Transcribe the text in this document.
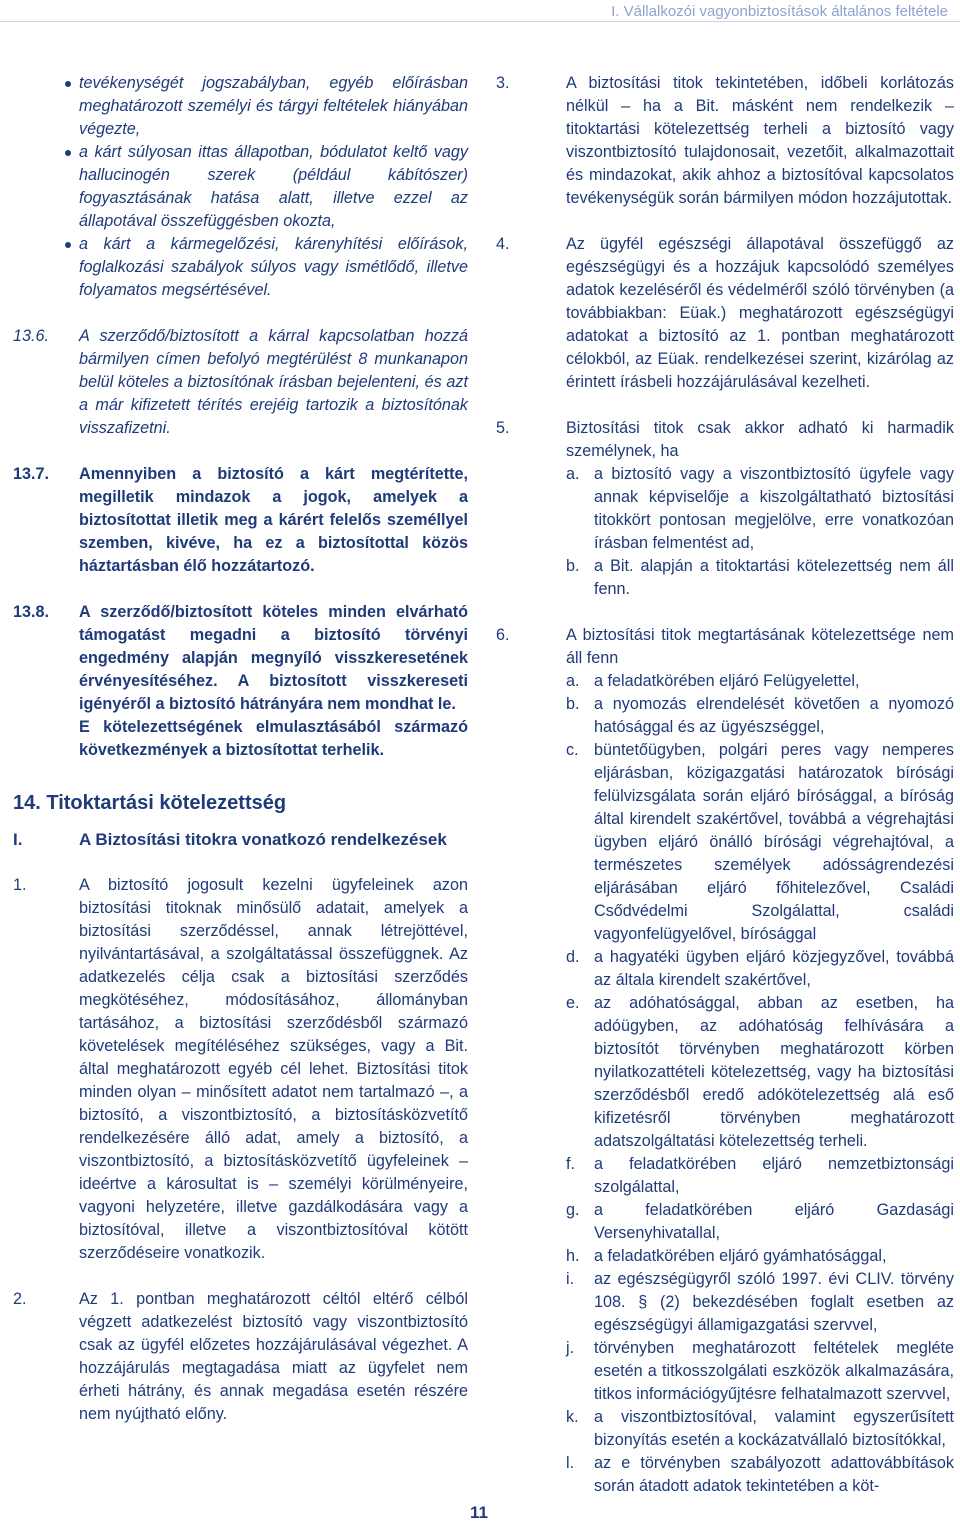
I. Vállalkozói vagyonbiztosítások általános feltétele
tevékenységét jogszabályban, egyéb előírásban meghatározott személyi és tárgyi feltételek hiányában végezte,
a kárt súlyosan ittas állapotban, bódulatot keltő vagy hallucinogén szerek (például kábítószer) fogyasztásának hatása alatt, illetve ezzel az állapotával összefüggésben okozta,
a kárt a kármegelőzési, kárenyhítési előírások, foglalkozási szabályok súlyos vagy ismétlődő, illetve folyamatos megsértésével.
13.6. A szerződő/biztosított a kárral kapcsolatban hozzá bármilyen címen befolyó megtérülést 8 munkanapon belül köteles a biztosítónak írásban bejelenteni, és azt a már kifizetett térítés erejéig tartozik a biztosítónak visszafizetni.
13.7. Amennyiben a biztosító a kárt megtérítette, megilletik mindazok a jogok, amelyek a biztosítottat illetik meg a kárért felelős személlyel szemben, kivéve, ha ez a biztosítottal közös háztartásban élő hozzátartozó.
13.8. A szerződő/biztosított köteles minden elvárható támogatást megadni a biztosító törvényi engedmény alapján megnyíló visszkeresetének érvényesítéséhez. A biztosított visszkereseti igényéről a biztosító hátrányára nem mondhat le.
E kötelezettségének elmulasztásából származó következmények a biztosítottat terhelik.
14. Titoktartási kötelezettség
I.	A Biztosítási titokra vonatkozó rendelkezések
1.	A biztosító jogosult kezelni ügyfeleinek azon biztosítási titoknak minősülő adatait, amelyek a biztosítási szerződéssel, annak létrejöttével, nyilvántartásával, a szolgáltatással összefüggnek. Az adatkezelés célja csak a biztosítási szerződés megkötéséhez, módosításához, állományban tartásához, a biztosítási szerződésből származó követelések megítéléséhez szükséges, vagy a Bit. által meghatározott egyéb cél lehet. Biztosítási titok minden olyan – minősített adatot nem tartalmazó –, a biztosító, a viszontbiztosító, a biztosításközvetítő rendelkezésére álló adat, amely a biztosító, a viszontbiztosító, a biztosításközvetítő ügyfeleinek – ideértve a károsultat is – személyi körülményeire, vagyoni helyzetére, illetve gazdálkodására vagy a biztosítóval, illetve a viszontbiztosítóval kötött szerződéseire vonatkozik.
2.	Az 1. pontban meghatározott céltól eltérő célból végzett adatkezelést biztosító vagy viszontbiztosító csak az ügyfél előzetes hozzájárulásával végezhet. A hozzájárulás megtagadása miatt az ügyfelet nem érheti hátrány, és annak megadása esetén részére nem nyújtható előny.
3.	A biztosítási titok tekintetében, időbeli korlátozás nélkül – ha a Bit. másként nem rendelkezik – titoktartási kötelezettség terheli a biztosító vagy viszontbiztosító tulajdonosait, vezetőit, alkalmazottait és mindazokat, akik ahhoz a biztosítóval kapcsolatos tevékenységük során bármilyen módon hozzájutottak.
4.	Az ügyfél egészségi állapotával összefüggő az egészségügyi és a hozzájuk kapcsolódó személyes adatok kezeléséről és védelméről szóló törvényben (a továbbiakban: Eüak.) meghatározott egészségügyi adatokat a biztosító az 1. pontban meghatározott célokból, az Eüak. rendelkezései szerint, kizárólag az érintett írásbeli hozzájárulásával kezelheti.
5.	Biztosítási titok csak akkor adható ki harmadik személynek, ha
a. a biztosító vagy a viszontbiztosító ügyfele vagy annak képviselője a kiszolgáltatható biztosítási titokkört pontosan megjelölve, erre vonatkozóan írásban felmentést ad,
b. a Bit. alapján a titoktartási kötelezettség nem áll fenn.
6.	A biztosítási titok megtartásának kötelezettsége nem áll fenn
a. a feladatkörében eljáró Felügyelettel,
b. a nyomozás elrendelését követően a nyomozó hatósággal és az ügyészséggel,
c. büntetőügyben, polgári peres vagy nemperes eljárásban, közigazgatási határozatok bírósági felülvizsgálata során eljáró bírósággal, a bíróság által kirendelt szakértővel, továbbá a végrehajtási ügyben eljáró önálló bírósági végrehajtóval, a természetes személyek adósságrendezési eljárásában eljáró főhitelezővel, Családi Csődvédelmi Szolgálattal, családi vagyonfelügyelővel, bírósággal
d. a hagyatéki ügyben eljáró közjegyzővel, továbbá az általa kirendelt szakértővel,
e. az adóhatósággal, abban az esetben, ha adóügyben, az adóhatóság felhívására a biztosítót törvényben meghatározott körben nyilatkozattételi kötelezettség, vagy ha biztosítási szerződésből eredő adókötelezettség alá eső kifizetésről törvényben meghatározott adatszolgáltatási kötelezettség terheli.
f. a feladatkörében eljáró nemzetbiztonsági szolgálattal,
g. a feladatkörében eljáró Gazdasági Versenyhivatallal,
h. a feladatkörében eljáró gyámhatósággal,
i. az egészségügyről szóló 1997. évi CLIV. törvény 108. § (2) bekezdésében foglalt esetben az egészségügyi államigazgatási szervvel,
j. törvényben meghatározott feltételek megléte esetén a titkosszolgálati eszközök alkalmazására, titkos információgyűjtésre felhatalmazott szervvel,
k. a viszontbiztosítóval, valamint egyszerűsített bizonyítás esetén a kockázatvállaló biztosítókkal,
l. az e törvényben szabályozott adattovábbítások során átadott adatok tekintetében a köt-
11
